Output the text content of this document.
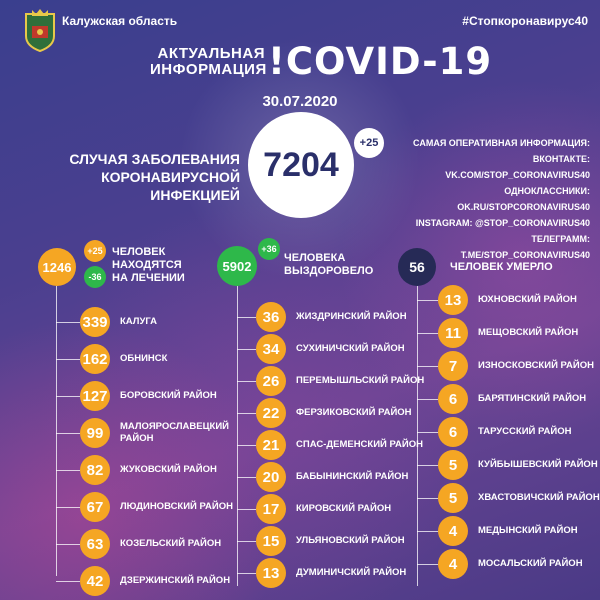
Калужская область	#Стопкоронавирус40
АКТУАЛЬНАЯ
ИНФОРМАЦИЯ !COVID-19
30.07.2020
СЛУЧАЯ ЗАБОЛЕВАНИЯ
КОРОНАВИРУСНОЙ ИНФЕКЦИЕЙ
7204
+25	САМАЯ ОПЕРАТИВНАЯ ИНФОРМАЦИЯ:
ВКОНТАКТЕ: VK.COM/STOP_CORONAVIRUS40
ОДНОКЛАССНИКИ: OK.RU/STOPCORONAVIRUS40
INSTAGRAM: @STOP_CORONAVIRUS40
ТЕЛЕГРАММ: T.ME/STOP_CORONAVIRUS40
1246
+25
-36
ЧЕЛОВЕК
НАХОДЯТСЯ
НА ЛЕЧЕНИИ
5902
+36
ЧЕЛОВЕКА
ВЫЗДОРОВЕЛО	56	ЧЕЛОВЕК УМЕРЛО
339 КАЛУГА
162 ОБНИНСК
127 БОРОВСКИЙ РАЙОН
99	МАЛОЯРОСЛАВЕЦКИЙ РАЙОН
82	ЖУКОВСКИЙ РАЙОН
67	ЛЮДИНОВСКИЙ РАЙОН
63	КОЗЕЛЬСКИЙ РАЙОН
42	ДЗЕРЖИНСКИЙ РАЙОН
36	ЖИЗДРИНСКИЙ РАЙОН
34	СУХИНИЧСКИЙ РАЙОН
26	ПЕРЕМЫШЛЬСКИЙ РАЙОН
22	ФЕРЗИКОВСКИЙ РАЙОН
21	СПАС-ДЕМЕНСКИЙ РАЙОН
20	БАБЫНИНСКИЙ РАЙОН
17	КИРОВСКИЙ РАЙОН
15	УЛЬЯНОВСКИЙ РАЙОН
13	ДУМИНИЧСКИЙ РАЙОН
13	ЮХНОВСКИЙ РАЙОН
11	МЕЩОВСКИЙ РАЙОН
7	ИЗНОСКОВСКИЙ РАЙОН
6	БАРЯТИНСКИЙ РАЙОН
6	ТАРУССКИЙ РАЙОН
5	КУЙБЫШЕВСКИЙ РАЙОН
5	ХВАСТОВИЧСКИЙ РАЙОН
4	МЕДЫНСКИЙ РАЙОН
4	МОСАЛЬСКИЙ РАЙОН
